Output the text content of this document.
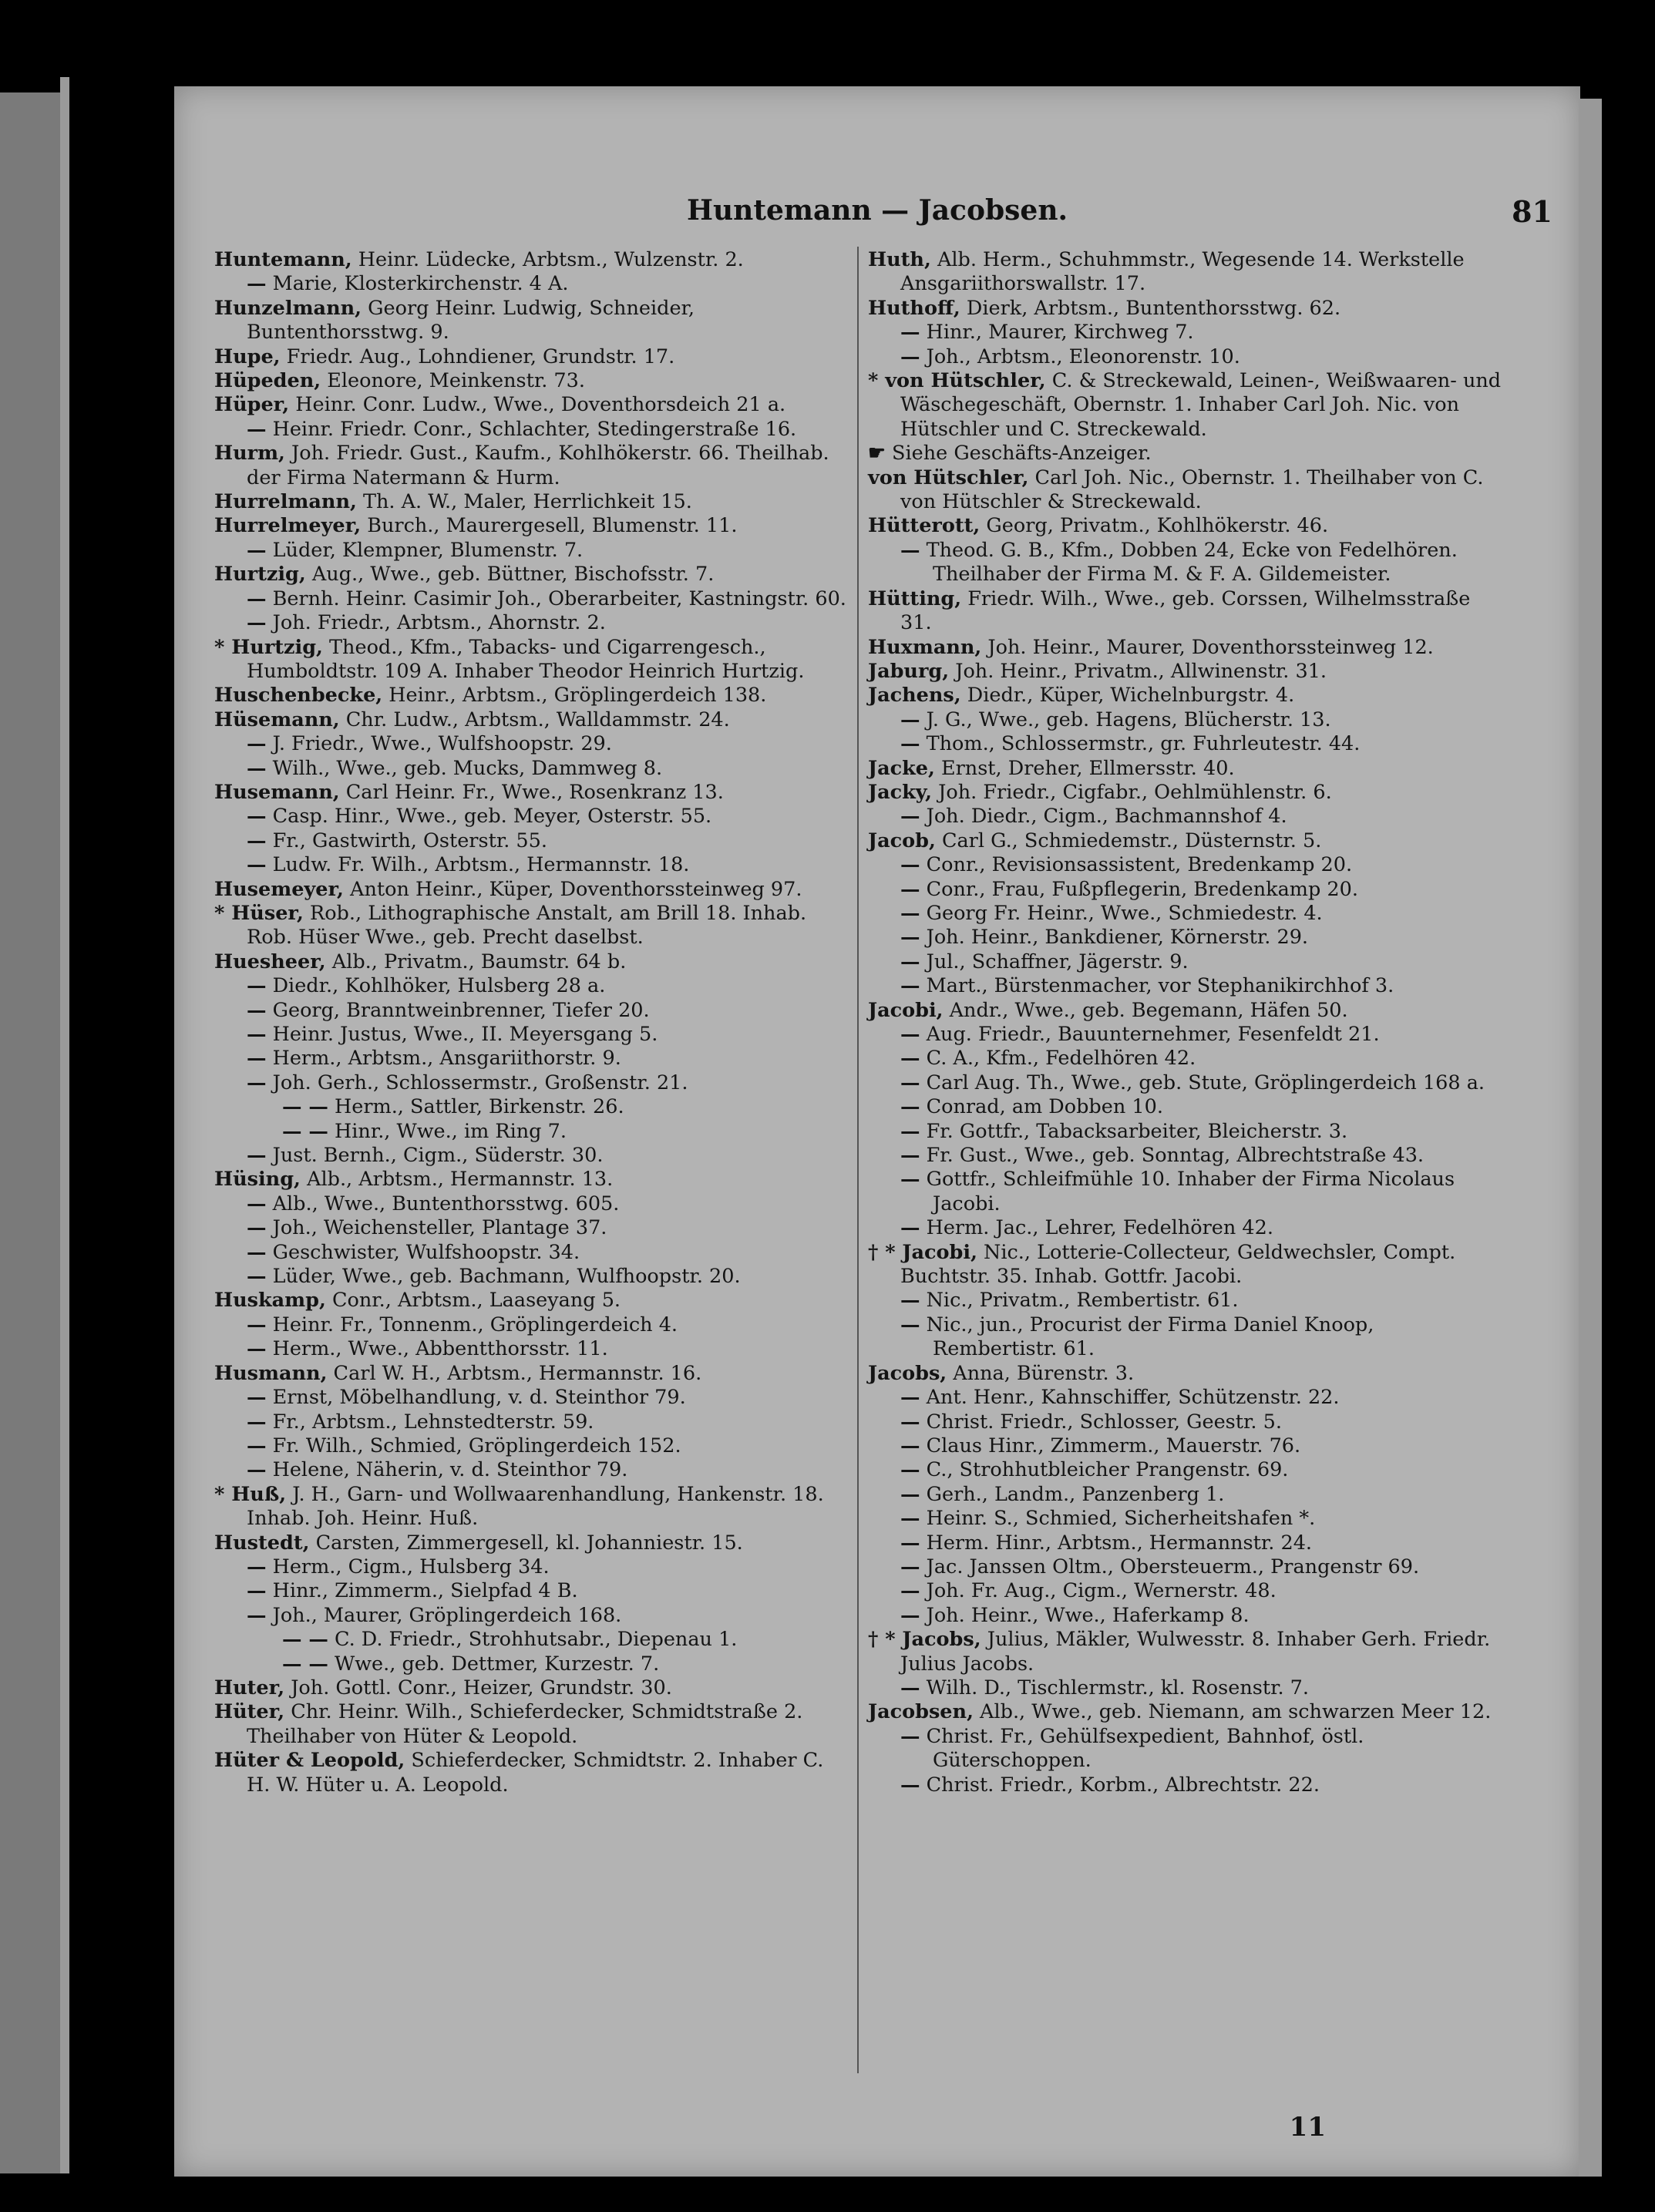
Huntemann — Jacobsen.	81

Huntemann, Heinr. Lüdecke, Arbtsm., Wulzenstr. 2.

— Marie, Klosterkirchenstr. 4 A.

Hunzelmann, Georg Heinr. Ludwig, Schneider, Buntenthorsstwg. 9.

Hupe, Friedr. Aug., Lohndiener, Grundstr. 17.

Hüpeden, Eleonore, Meinkenstr. 73.

Hüper, Heinr. Conr. Ludw., Wwe., Doventhorsdeich 21 a.

— Heinr. Friedr. Conr., Schlachter, Stedingerstraße 16.

Hurm, Joh. Friedr. Gust., Kaufm., Kohlhökerstr. 66. Theilhab. der Firma Natermann & Hurm.

Hurrelmann, Th. A. W., Maler, Herrlichkeit 15.

Hurrelmeyer, Burch., Maurergesell, Blumenstr. 11.

— Lüder, Klempner, Blumenstr. 7.

Hurtzig, Aug., Wwe., geb. Büttner, Bischofsstr. 7.

— Bernh. Heinr. Casimir Joh., Oberarbeiter, Kastningstr. 60.

— Joh. Friedr., Arbtsm., Ahornstr. 2.

* Hurtzig, Theod., Kfm., Tabacks- und Cigarrengesch., Humboldtstr. 109 A. Inhaber Theodor Heinrich Hurtzig.

Huschenbecke, Heinr., Arbtsm., Gröplingerdeich 138.

Hüsemann, Chr. Ludw., Arbtsm., Walldammstr. 24.

— J. Friedr., Wwe., Wulfshoopstr. 29.

— Wilh., Wwe., geb. Mucks, Dammweg 8.

Husemann, Carl Heinr. Fr., Wwe., Rosenkranz 13.

— Casp. Hinr., Wwe., geb. Meyer, Osterstr. 55.

— Fr., Gastwirth, Osterstr. 55.

— Ludw. Fr. Wilh., Arbtsm., Hermannstr. 18.

Husemeyer, Anton Heinr., Küper, Doventhorssteinweg 97.

* Hüser, Rob., Lithographische Anstalt, am Brill 18. Inhab. Rob. Hüser Wwe., geb. Precht daselbst.

Huesheer, Alb., Privatm., Baumstr. 64 b.

— Diedr., Kohlhöker, Hulsberg 28 a.

— Georg, Branntweinbrenner, Tiefer 20.

— Heinr. Justus, Wwe., II. Meyersgang 5.

— Herm., Arbtsm., Ansgariithorstr. 9.

— Joh. Gerh., Schlossermstr., Großenstr. 21.

— — Herm., Sattler, Birkenstr. 26.

— — Hinr., Wwe., im Ring 7.

— Just. Bernh., Cigm., Süderstr. 30.

Hüsing, Alb., Arbtsm., Hermannstr. 13.

— Alb., Wwe., Buntenthorsstwg. 605.

— Joh., Weichensteller, Plantage 37.

— Geschwister, Wulfshoopstr. 34.

— Lüder, Wwe., geb. Bachmann, Wulfhoopstr. 20.

Huskamp, Conr., Arbtsm., Laaseyang 5.

— Heinr. Fr., Tonnenm., Gröplingerdeich 4.

— Herm., Wwe., Abbentthorsstr. 11.

Husmann, Carl W. H., Arbtsm., Hermannstr. 16.

— Ernst, Möbelhandlung, v. d. Steinthor 79.

— Fr., Arbtsm., Lehnstedterstr. 59.

— Fr. Wilh., Schmied, Gröplingerdeich 152.

— Helene, Näherin, v. d. Steinthor 79.

* Huß, J. H., Garn- und Wollwaarenhandlung, Hankenstr. 18. Inhab. Joh. Heinr. Huß.

Hustedt, Carsten, Zimmergesell, kl. Johanniestr. 15.

— Herm., Cigm., Hulsberg 34.

— Hinr., Zimmerm., Sielpfad 4 B.

— Joh., Maurer, Gröplingerdeich 168.

— — C. D. Friedr., Strohhutsabr., Diepenau 1.

— — Wwe., geb. Dettmer, Kurzestr. 7.

Huter, Joh. Gottl. Conr., Heizer, Grundstr. 30.

Hüter, Chr. Heinr. Wilh., Schieferdecker, Schmidtstraße 2. Theilhaber von Hüter & Leopold.

Hüter & Leopold, Schieferdecker, Schmidtstr. 2. Inhaber C. H. W. Hüter u. A. Leopold.

Huth, Alb. Herm., Schuhmmstr., Wegesende 14. Werkstelle Ansgariithorswallstr. 17.

Huthoff, Dierk, Arbtsm., Buntenthorsstwg. 62.

— Hinr., Maurer, Kirchweg 7.

— Joh., Arbtsm., Eleonorenstr. 10.

* von Hütschler, C. & Streckewald, Leinen-, Weißwaaren- und Wäschegeschäft, Obernstr. 1. Inhaber Carl Joh. Nic. von Hütschler und C. Streckewald.

☛ Siehe Geschäfts-Anzeiger.

von Hütschler, Carl Joh. Nic., Obernstr. 1. Theilhaber von C. von Hütschler & Streckewald.

Hütterott, Georg, Privatm., Kohlhökerstr. 46.

— Theod. G. B., Kfm., Dobben 24, Ecke von Fedelhören. Theilhaber der Firma M. & F. A. Gildemeister.

Hütting, Friedr. Wilh., Wwe., geb. Corssen, Wilhelmsstraße 31.

Huxmann, Joh. Heinr., Maurer, Doventhorssteinweg 12.

Jaburg, Joh. Heinr., Privatm., Allwinenstr. 31.

Jachens, Diedr., Küper, Wichelnburgstr. 4.

— J. G., Wwe., geb. Hagens, Blücherstr. 13.

— Thom., Schlossermstr., gr. Fuhrleutestr. 44.

Jacke, Ernst, Dreher, Ellmersstr. 40.

Jacky, Joh. Friedr., Cigfabr., Oehlmühlenstr. 6.

— Joh. Diedr., Cigm., Bachmannshof 4.

Jacob, Carl G., Schmiedemstr., Düsternstr. 5.

— Conr., Revisionsassistent, Bredenkamp 20.

— Conr., Frau, Fußpflegerin, Bredenkamp 20.

— Georg Fr. Heinr., Wwe., Schmiedestr. 4.

— Joh. Heinr., Bankdiener, Körnerstr. 29.

— Jul., Schaffner, Jägerstr. 9.

— Mart., Bürstenmacher, vor Stephanikirchhof 3.

Jacobi, Andr., Wwe., geb. Begemann, Häfen 50.

— Aug. Friedr., Bauunternehmer, Fesenfeldt 21.

— C. A., Kfm., Fedelhören 42.

— Carl Aug. Th., Wwe., geb. Stute, Gröplingerdeich 168 a.

— Conrad, am Dobben 10.

— Fr. Gottfr., Tabacksarbeiter, Bleicherstr. 3.

— Fr. Gust., Wwe., geb. Sonntag, Albrechtstraße 43.

— Gottfr., Schleifmühle 10. Inhaber der Firma Nicolaus Jacobi.

— Herm. Jac., Lehrer, Fedelhören 42.

† * Jacobi, Nic., Lotterie-Collecteur, Geldwechsler, Compt. Buchtstr. 35. Inhab. Gottfr. Jacobi.

— Nic., Privatm., Rembertistr. 61.

— Nic., jun., Procurist der Firma Daniel Knoop, Rembertistr. 61.

Jacobs, Anna, Bürenstr. 3.

— Ant. Henr., Kahnschiffer, Schützenstr. 22.

— Christ. Friedr., Schlosser, Geestr. 5.

— Claus Hinr., Zimmerm., Mauerstr. 76.

— C., Strohhutbleicher Prangenstr. 69.

— Gerh., Landm., Panzenberg 1.

— Heinr. S., Schmied, Sicherheitshafen *.

— Herm. Hinr., Arbtsm., Hermannstr. 24.

— Jac. Janssen Oltm., Obersteuerm., Prangenstr 69.

— Joh. Fr. Aug., Cigm., Wernerstr. 48.

— Joh. Heinr., Wwe., Haferkamp 8.

† * Jacobs, Julius, Mäkler, Wulwesstr. 8. Inhaber Gerh. Friedr. Julius Jacobs.

— Wilh. D., Tischlermstr., kl. Rosenstr. 7.

Jacobsen, Alb., Wwe., geb. Niemann, am schwarzen Meer 12.

— Christ. Fr., Gehülfsexpedient, Bahnhof, östl. Güterschoppen.

— Christ. Friedr., Korbm., Albrechtstr. 22.

11
